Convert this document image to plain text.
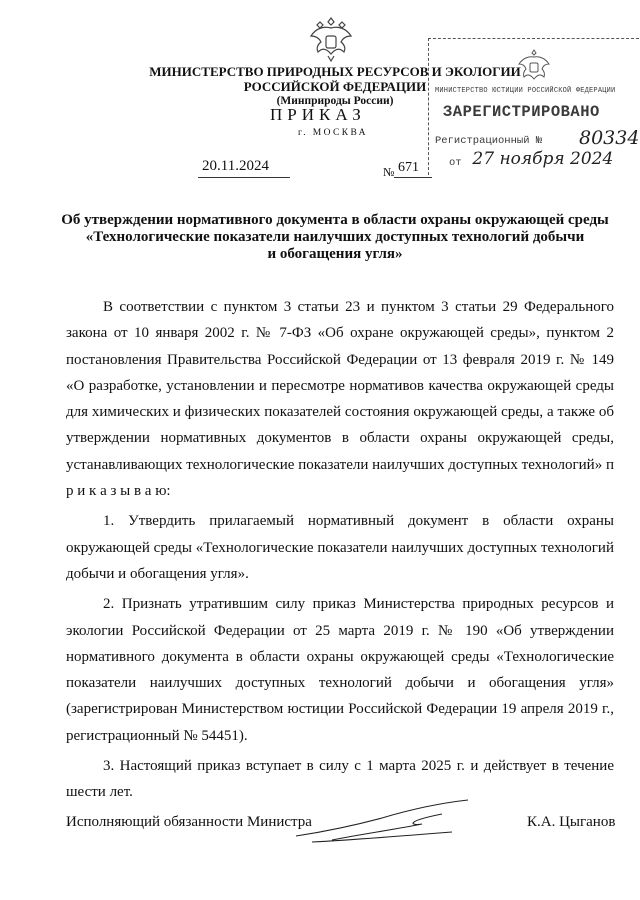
МИНИСТЕРСТВО ПРИРОДНЫХ РЕСУРСОВ И ЭКОЛОГИИ
РОССИЙСКОЙ ФЕДЕРАЦИИ
(Минприроды России)
ПРИКАЗ
г. МОСКВА
20.11.2024	№ 671
МИНИСТЕРСТВО ЮСТИЦИИ РОССИЙСКОЙ ФЕДЕРАЦИИ
ЗАРЕГИСТРИРОВАНО
Регистрационный № 80334
от 27 ноября 2024
Об утверждении нормативного документа в области охраны окружающей среды
«Технологические показатели наилучших доступных технологий добычи
и обогащения угля»

В соответствии с пунктом 3 статьи 23 и пунктом 3 статьи 29 Федерального закона от 10 января 2002 г. № 7-ФЗ «Об охране окружающей среды», пунктом 2 постановления Правительства Российской Федерации от 13 февраля 2019 г. № 149 «О разработке, установлении и пересмотре нормативов качества окружающей среды для химических и физических показателей состояния окружающей среды, а также об утверждении нормативных документов в области охраны окружающей среды, устанавливающих технологические показатели наилучших доступных технологий» п р и к а з ы в а ю:

1. Утвердить прилагаемый нормативный документ в области охраны окружающей среды «Технологические показатели наилучших доступных технологий добычи и обогащения угля».

2. Признать утратившим силу приказ Министерства природных ресурсов и экологии Российской Федерации от 25 марта 2019 г. № 190 «Об утверждении нормативного документа в области охраны окружающей среды «Технологические показатели наилучших доступных технологий добычи и обогащения угля» (зарегистрирован Министерством юстиции Российской Федерации 19 апреля 2019 г., регистрационный № 54451).

3. Настоящий приказ вступает в силу с 1 марта 2025 г. и действует в течение шести лет.

Исполняющий обязанности Министра	К.А. Цыганов
